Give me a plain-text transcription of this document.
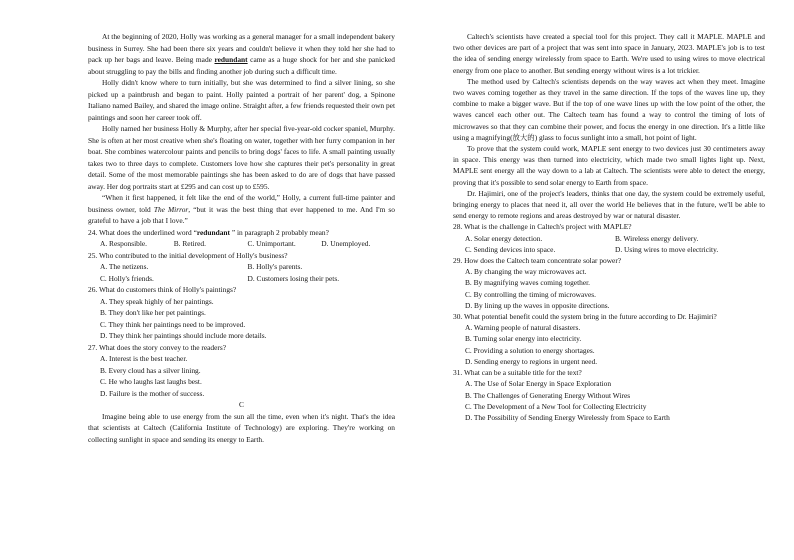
At the beginning of 2020, Holly was working as a general manager for a small independent bakery business in Surrey. She had been there six years and couldn't believe it when they told her she had to pack up her bags and leave. Being made redundant came as a huge shock for her and she panicked about struggling to pay the bills and finding another job during such a difficult time.

Holly didn't know where to turn initially, but she was determined to find a silver lining, so she picked up a paintbrush and began to paint. Holly painted a portrait of her parent' dog, a Spinone Italiano named Bailey, and shared the image online. Straight after, a few friends requested their own pet paintings and soon her career took off.

Holly named her business Holly & Murphy, after her special five-year-old cocker spaniel, Murphy. She is often at her most creative when she's floating on water, together with her furry companion in her boat. She combines watercolour paints and pencils to bring dogs' faces to life. A small painting usually takes two to three days to complete. Customers love how she captures their pet's personality in great detail. Some of the most memorable paintings she has been asked to do are of dogs that have passed away. Her dog portraits start at £295 and can cost up to £595.

“When it first happened, it felt like the end of the world,” Holly, a current full-time painter and business owner, told The Mirror, “but it was the best thing that ever happened to me. And I'm so grateful to have a job that I love.”

24. What does the underlined word “redundant ” in paragraph 2 probably mean?

A. Responsible.	B. Retired.	C. Unimportant.	D. Unemployed.

25. Who contributed to the initial development of Holly's business?

A. The netizens.	B. Holly's parents.
C. Holly's friends.	D. Customers losing their pets.

26. What do customers think of Holly's paintings?

A. They speak highly of her paintings.

B. They don't like her pet paintings.

C. They think her paintings need to be improved.

D. They think her paintings should include more details.

27. What does the story convey to the readers?

A. Interest is the best teacher.

B. Every cloud has a silver lining.

C. He who laughs last laughs best.

D. Failure is the mother of success.

C

Imagine being able to use energy from the sun all the time, even when it's night. That's the idea that scientists at Caltech (California Institute of Technology) are exploring. They're working on collecting sunlight in space and sending its energy to Earth.

Caltech's scientists have created a special tool for this project. They call it MAPLE. MAPLE and two other devices are part of a project that was sent into space in January, 2023. MAPLE's job is to test the idea of sending energy wirelessly from space to Earth. We're used to using wires to move electrical energy from one place to another. But sending energy without wires is a lot trickier.

The method used by Caltech's scientists depends on the way waves act when they meet. Imagine two waves coming together as they travel in the same direction. If the tops of the waves line up, they combine to make a bigger wave. But if the top of one wave lines up with the low point of the other, the waves cancel each other out. The Caltech team has found a way to control the timing of lots of microwaves so that they can combine their power, and focus the energy in one direction. It's a little like using a magnifying(放大的) glass to focus sunlight into a small, hot point of light.

To prove that the system could work, MAPLE sent energy to two devices just 30 centimeters away in space. This energy was then turned into electricity, which made two small lights light up. Next, MAPLE sent energy all the way down to a lab at Caltech. The scientists were able to detect the energy, proving that it's possible to send solar energy to Earth from space.

Dr. Hajimiri, one of the project's leaders, thinks that one day, the system could be extremely useful, bringing energy to places that need it, all over the world He believes that in the future, we'll be able to send energy to remote regions and areas destroyed by war or natural disaster.

28. What is the challenge in Caltech's project with MAPLE?

A. Solar energy detection.	B. Wireless energy delivery.
C. Sending devices into space.	D. Using wires to move electricity.

29. How does the Caltech team concentrate solar power?

A. By changing the way microwaves act.

B. By magnifying waves coming together.

C. By controlling the timing of microwaves.

D. By lining up the waves in opposite directions.

30. What potential benefit could the system bring in the future according to Dr. Hajimiri?

A. Warning people of natural disasters.

B. Turning solar energy into electricity.

C. Providing a solution to energy shortages.

D. Sending energy to regions in urgent need.

31. What can be a suitable title for the text?

A. The Use of Solar Energy in Space Exploration

B. The Challenges of Generating Energy Without Wires

C. The Development of a New Tool for Collecting Electricity

D. The Possibility of Sending Energy Wirelessly from Space to Earth
